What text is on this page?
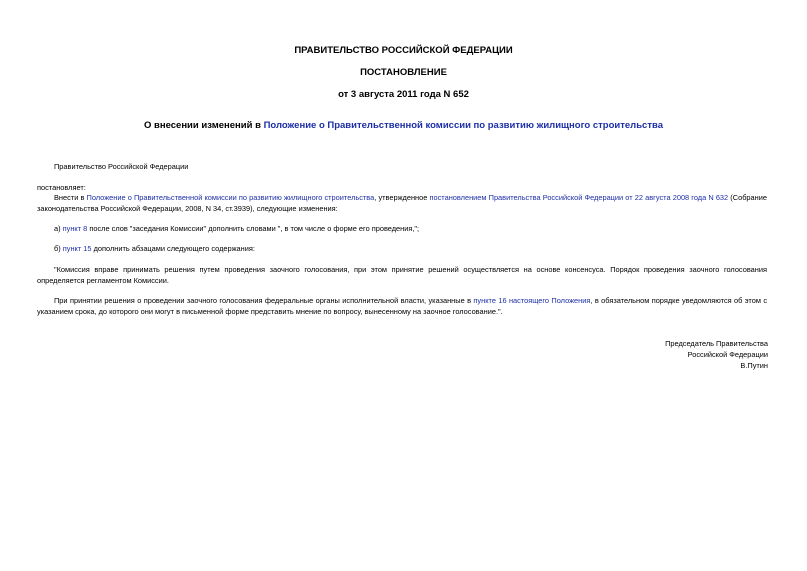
ПРАВИТЕЛЬСТВО РОССИЙСКОЙ ФЕДЕРАЦИИ
ПОСТАНОВЛЕНИЕ
от 3 августа 2011 года N 652
О внесении изменений в Положение о Правительственной комиссии по развитию жилищного строительства
Правительство Российской Федерации
постановляет:
Внести в Положение о Правительственной комиссии по развитию жилищного строительства, утвержденное постановлением Правительства Российской Федерации от 22 августа 2008 года N 632 (Собрание законодательства Российской Федерации, 2008, N 34, ст.3939), следующие изменения:
а) пункт 8 после слов "заседания Комиссии" дополнить словами ", в том числе о форме его проведения,";
б) пункт 15 дополнить абзацами следующего содержания:
"Комиссия вправе принимать решения путем проведения заочного голосования, при этом принятие решений осуществляется на основе консенсуса. Порядок проведения заочного голосования определяется регламентом Комиссии.
При принятии решения о проведении заочного голосования федеральные органы исполнительной власти, указанные в пункте 16 настоящего Положения, в обязательном порядке уведомляются об этом с указанием срока, до которого они могут в письменной форме представить мнение по вопросу, вынесенному на заочное голосование.".
Председатель Правительства
Российской Федерации
В.Путин
